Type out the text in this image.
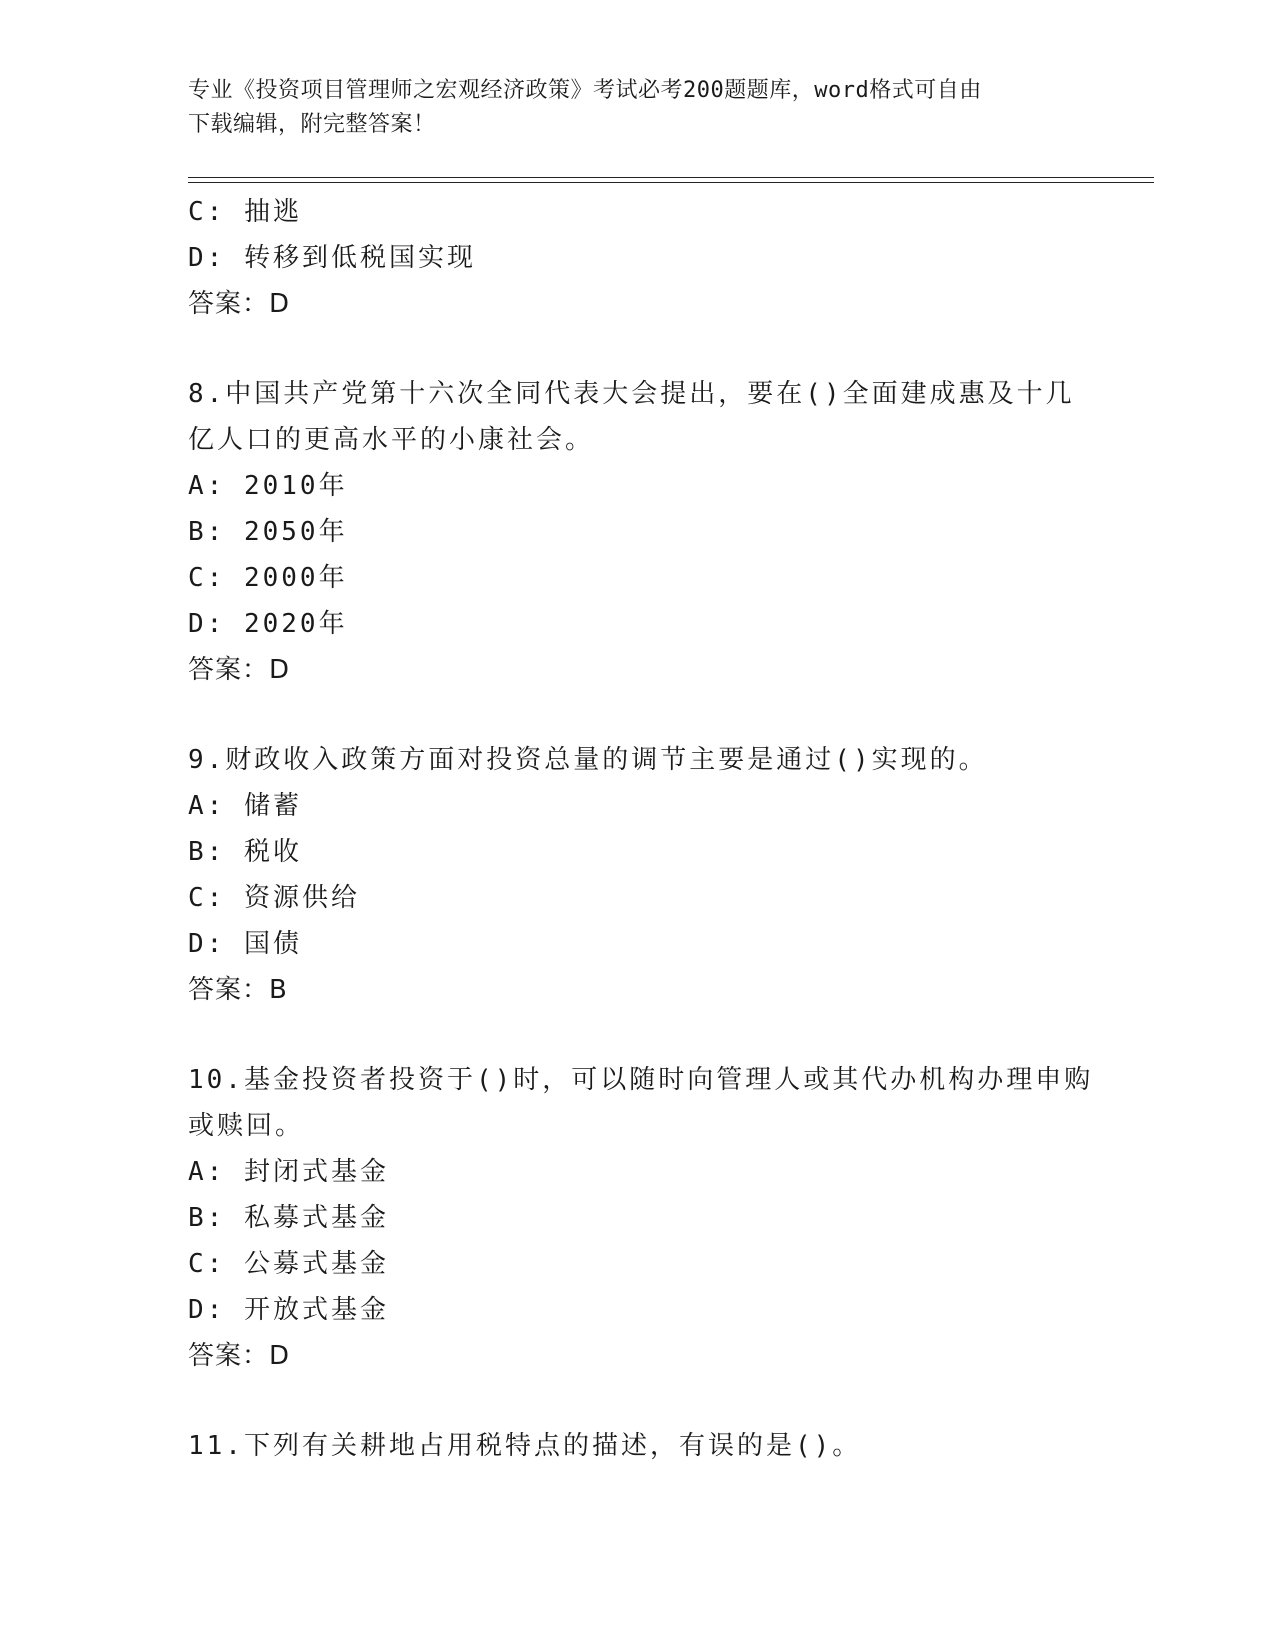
专业《投资项目管理师之宏观经济政策》考试必考200题题库，word格式可自由
下载编辑，附完整答案！
C: 抽逃
D: 转移到低税国实现
答案：D
8.中国共产党第十六次全同代表大会提出，要在()全面建成惠及十几
亿人口的更高水平的小康社会。
A: 2010年
B: 2050年
C: 2000年
D: 2020年
答案：D
9.财政收入政策方面对投资总量的调节主要是通过()实现的。
A: 储蓄
B: 税收
C: 资源供给
D: 国债
答案：B
10.基金投资者投资于()时，可以随时向管理人或其代办机构办理申购
或赎回。
A: 封闭式基金
B: 私募式基金
C: 公募式基金
D: 开放式基金
答案：D
11.下列有关耕地占用税特点的描述，有误的是()。
